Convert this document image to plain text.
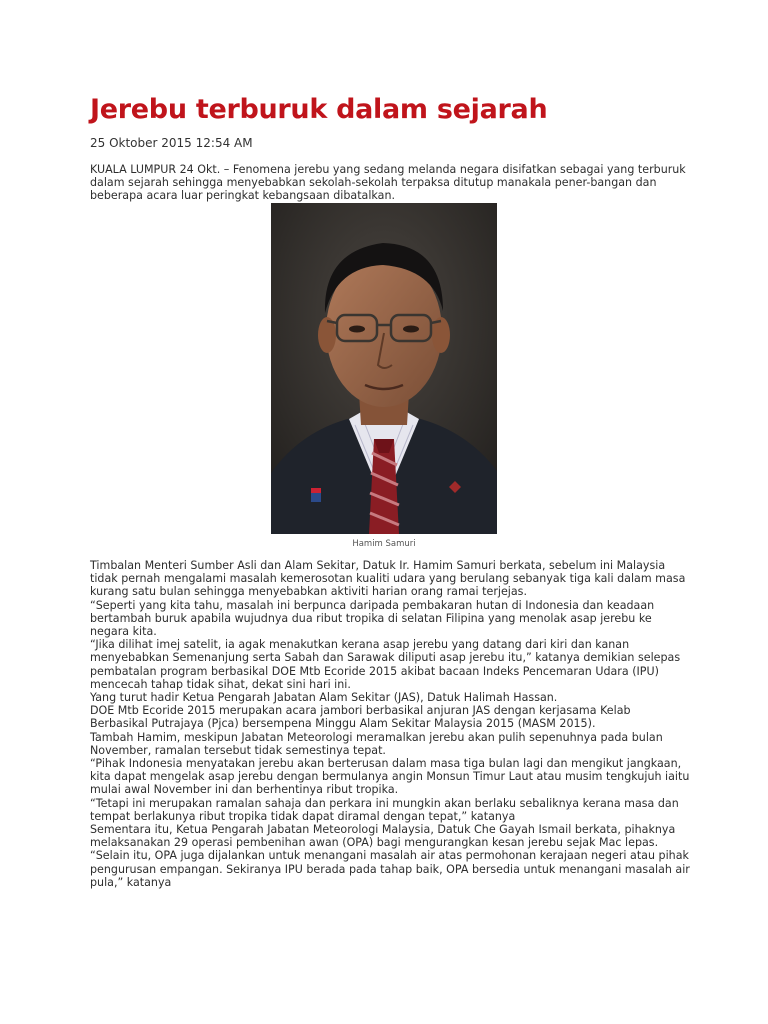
Jerebu terburuk dalam sejarah
25 Oktober 2015 12:54 AM

KUALA LUMPUR 24 Okt. – Fenomena jerebu yang sedang melanda negara disifatkan sebagai yang terburuk dalam sejarah sehingga menyebabkan sekolah-sekolah terpaksa ditutup manakala pener-bangan dan beberapa acara luar peringkat kebangsaan dibatalkan.

Hamim Samuri

Timbalan Menteri Sumber Asli dan Alam Sekitar, Datuk Ir. Hamim Samuri berkata, sebelum ini Malaysia tidak pernah mengalami masalah kemerosotan kualiti udara yang berulang sebanyak tiga kali dalam masa kurang satu bulan sehingga menyebabkan aktiviti harian orang ramai terjejas.

“Seperti yang kita tahu, masalah ini berpunca daripada pembakaran hutan di Indonesia dan keadaan bertambah buruk apabila wujudnya dua ribut tropika di selatan Filipina yang menolak asap jerebu ke negara kita.

“Jika dilihat imej satelit, ia agak menakutkan kerana asap jerebu yang datang dari kiri dan kanan menyebabkan Semenanjung serta Sabah dan Sarawak diliputi asap jerebu itu,” katanya demikian selepas pembatalan program berbasikal DOE Mtb Ecoride 2015 akibat bacaan Indeks Pencemaran Udara (IPU) mencecah tahap tidak sihat, dekat sini hari ini.

Yang turut hadir Ketua Pengarah Jabatan Alam Sekitar (JAS), Datuk Halimah Hassan.

DOE Mtb Ecoride 2015 merupakan acara jambori berbasikal anjuran JAS dengan kerjasama Kelab Berbasikal Putrajaya (Pjca) bersempena Minggu Alam Sekitar Malaysia 2015 (MASM 2015).

Tambah Hamim, meskipun Jabatan Meteorologi meramalkan jerebu akan pulih sepenuhnya pada bulan November, ramalan tersebut tidak semestinya tepat.

“Pihak Indonesia menyatakan jerebu akan berterusan dalam masa tiga bulan lagi dan mengikut jangkaan, kita dapat mengelak asap jerebu dengan bermulanya angin Monsun Timur Laut atau musim tengkujuh iaitu mulai awal November ini dan berhentinya ribut tropika.

“Tetapi ini merupakan ramalan sahaja dan perkara ini mungkin akan berlaku sebaliknya kerana masa dan tempat berlakunya ribut tropika tidak dapat diramal dengan tepat,” katanya

Sementara itu, Ketua Pengarah Jabatan Meteorologi Malaysia, Datuk Che Gayah Ismail berkata, pihaknya melaksanakan 29 operasi pembenihan awan (OPA) bagi mengurangkan kesan jerebu sejak Mac lepas.

“Selain itu, OPA juga dijalankan untuk menangani masalah air atas permohonan kerajaan negeri atau pihak pengurusan empangan. Sekiranya IPU berada pada tahap baik, OPA bersedia untuk menangani masalah air pula,” katanya
